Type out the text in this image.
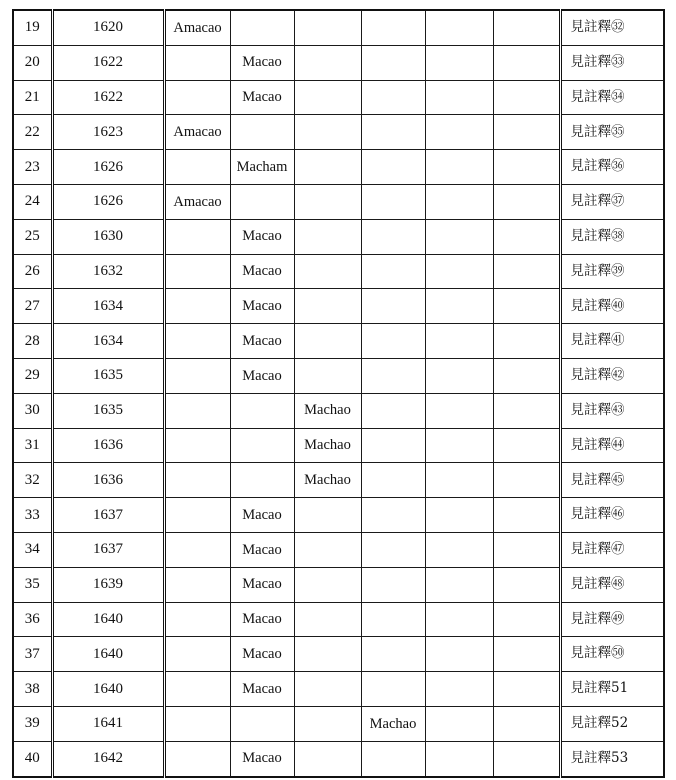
19	1620	Amacao						見註釋㉜
20	1622		Macao					見註釋㉝
21	1622		Macao					見註釋㉞
22	1623	Amacao						見註釋㉟
23	1626		Macham					見註釋㊱
24	1626	Amacao						見註釋㊲
25	1630		Macao					見註釋㊳
26	1632		Macao					見註釋㊴
27	1634		Macao					見註釋㊵
28	1634		Macao					見註釋㊶
29	1635		Macao					見註釋㊷
30	1635			Machao				見註釋㊸
31	1636			Machao				見註釋㊹
32	1636			Machao				見註釋㊺
33	1637		Macao					見註釋㊻
34	1637		Macao					見註釋㊼
35	1639		Macao					見註釋㊽
36	1640		Macao					見註釋㊾
37	1640		Macao					見註釋㊿
38	1640		Macao					見註釋51
39	1641				Machao			見註釋52
40	1642		Macao					見註釋53
